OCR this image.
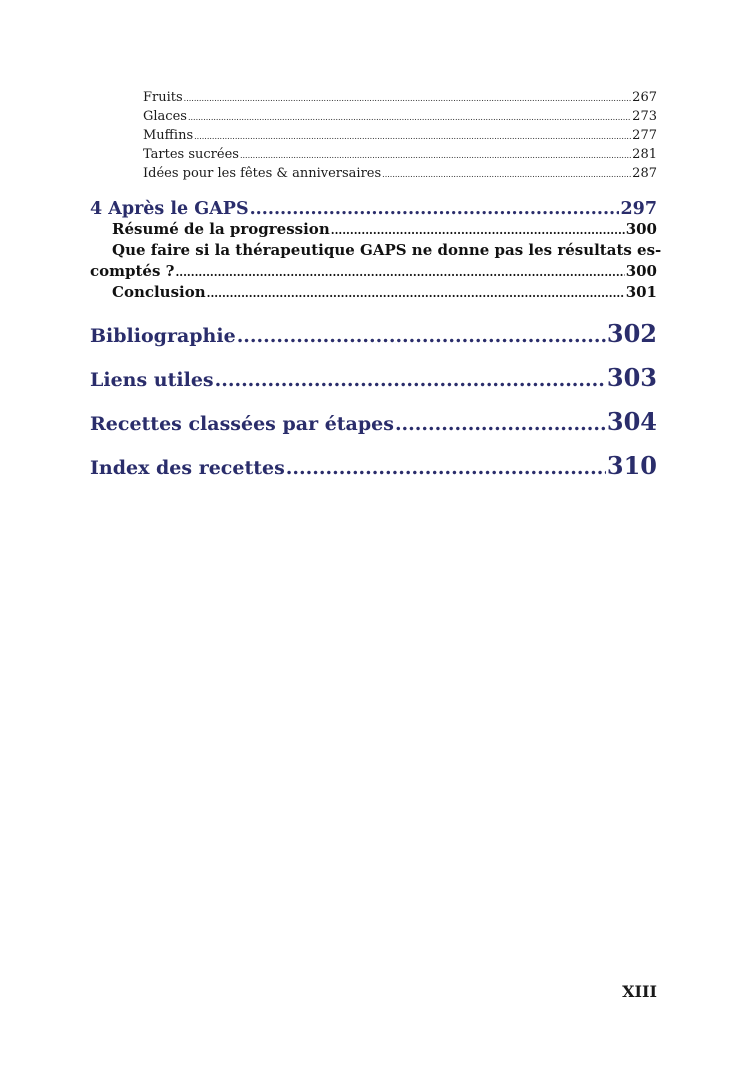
Fruits .....	267
Glaces .....	273
Muffins .....	277
Tartes sucrées .....	281
Idées pour les fêtes & anniversaires .....	287
4 Après le GAPS .....	297
Résumé de la progression .....	300
Que faire si la thérapeutique GAPS ne donne pas les résultats es-
comptés ? .....	300
Conclusion .....	301
Bibliographie .....	302
Liens utiles .....	303
Recettes classées par étapes .....	304
Index des recettes .....	310
XIII
